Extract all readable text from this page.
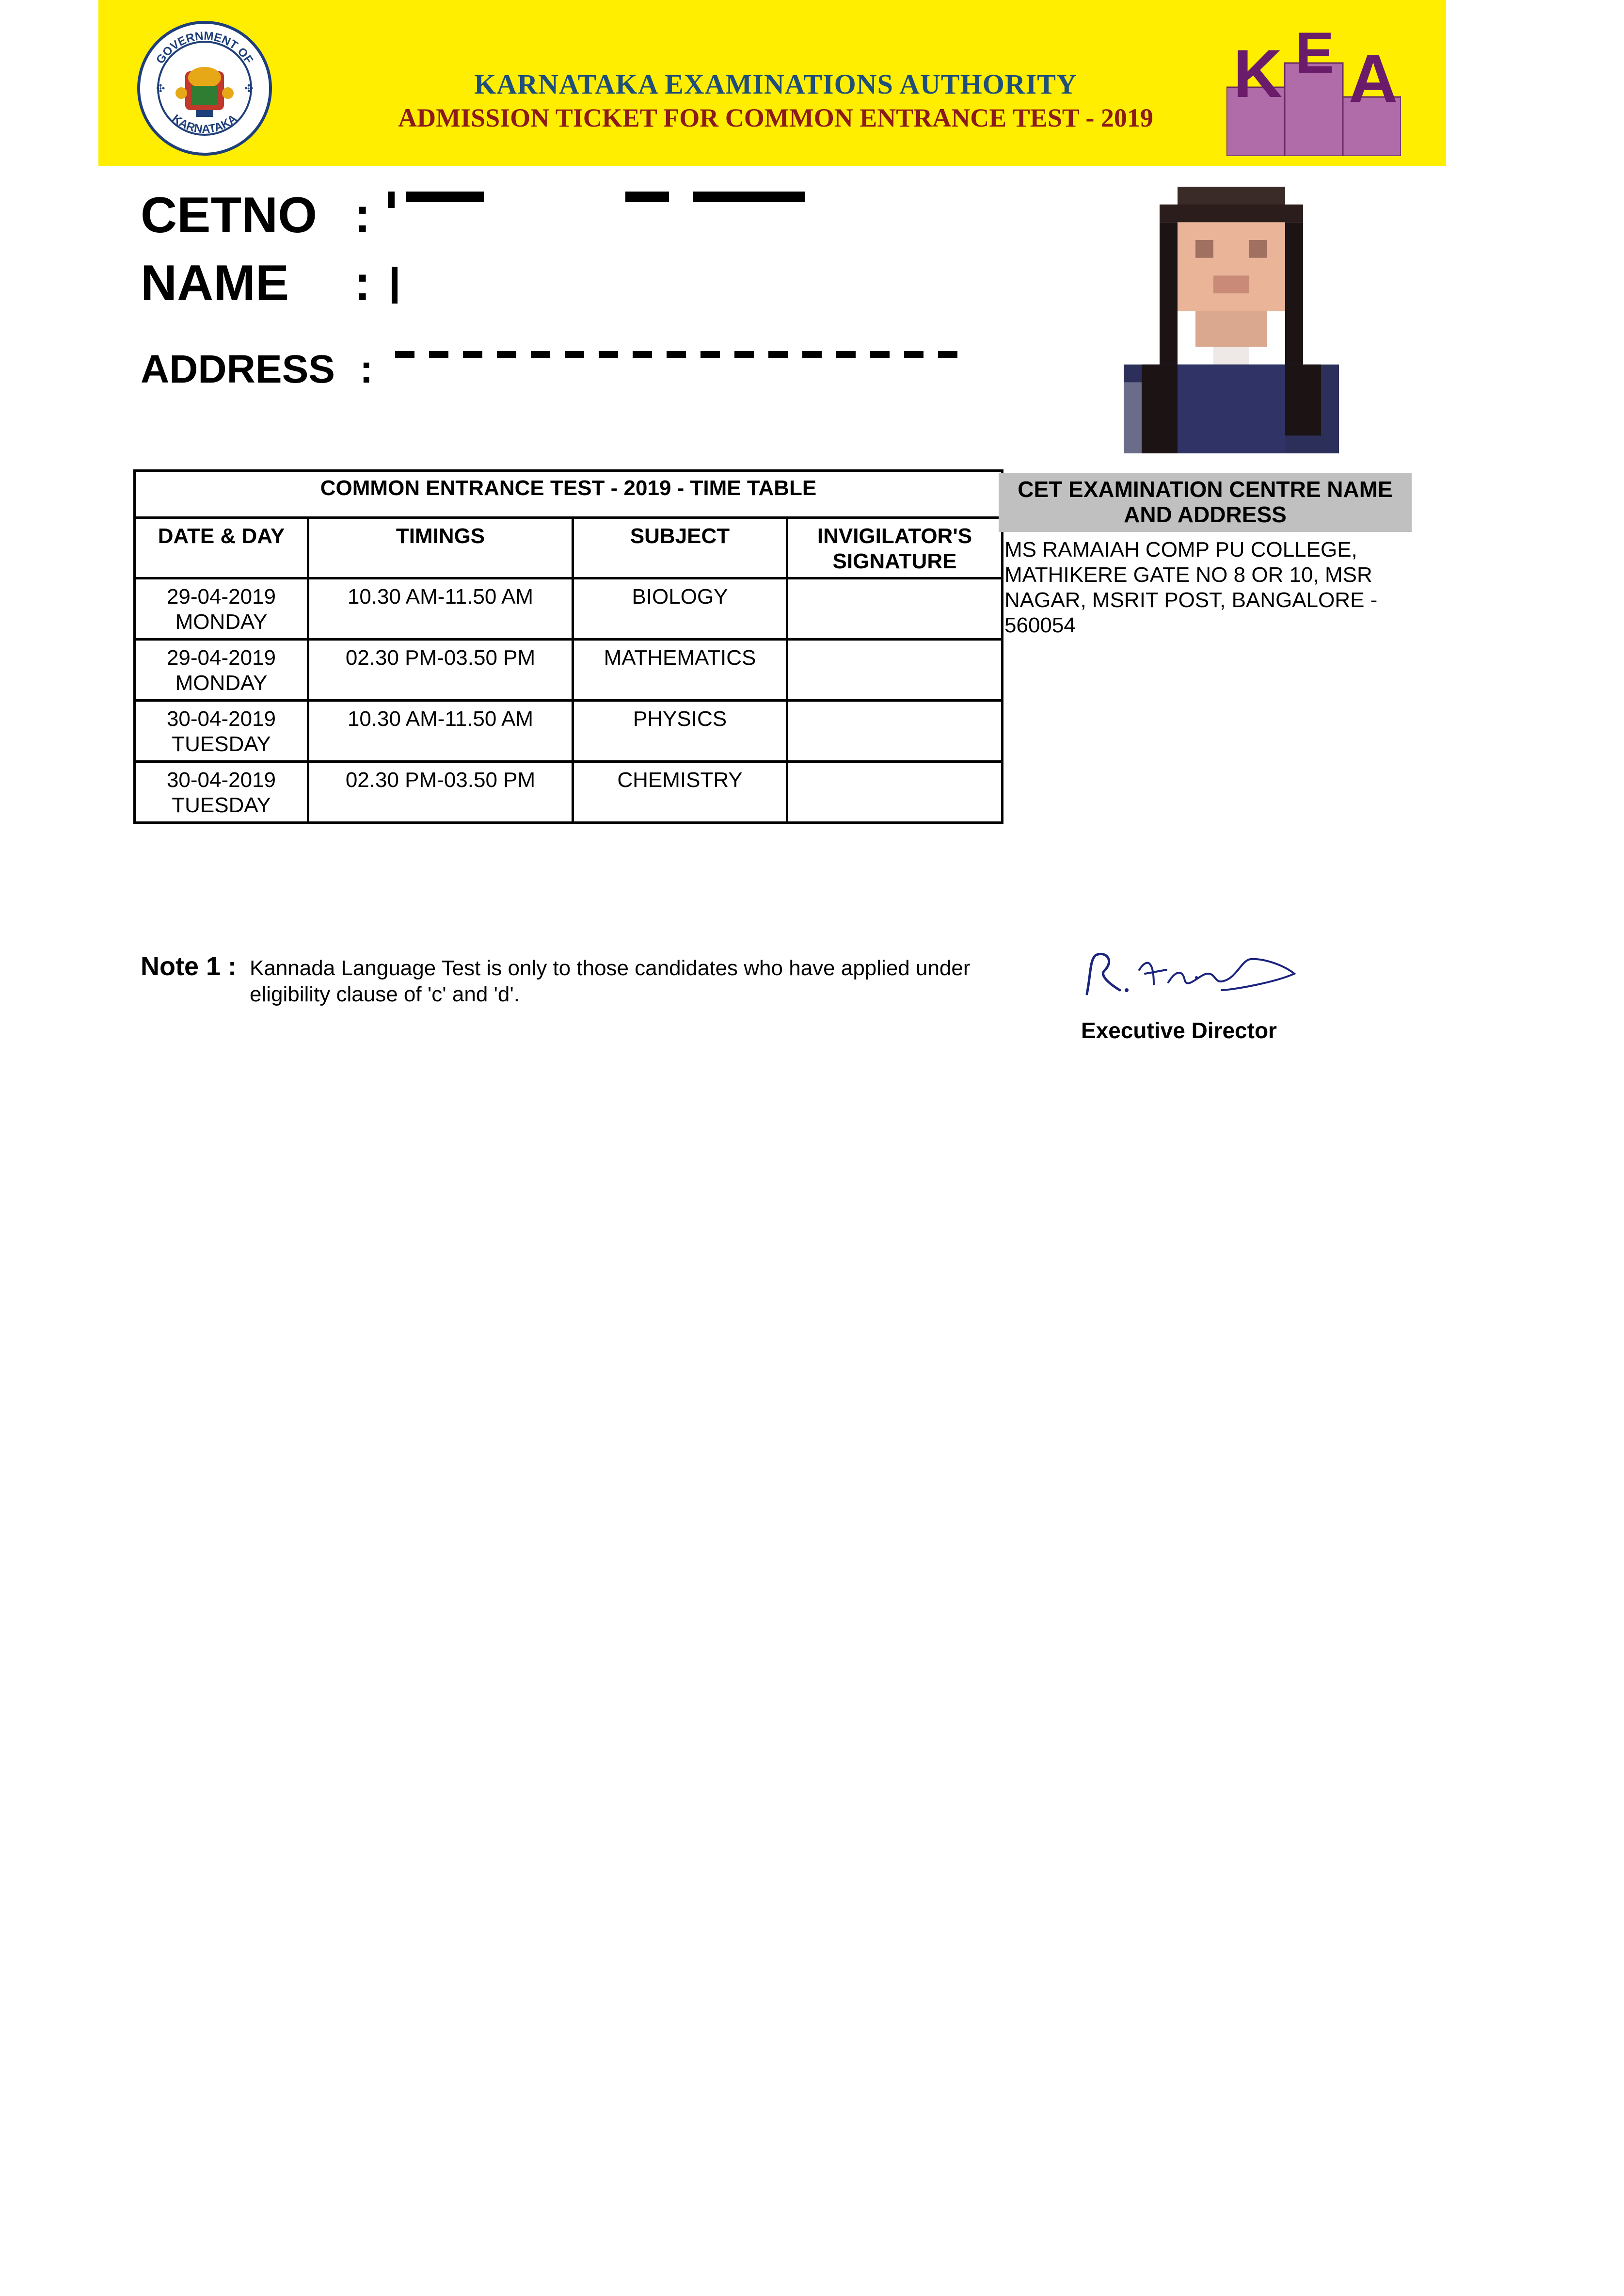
GOVERNMENT OF
KARNATAKA
✣	✣	KARNATAKA EXAMINATIONS AUTHORITY
ADMISSION TICKET FOR COMMON ENTRANCE TEST - 2019
K E A
CETNO :
NAME :
ADDRESS :
COMMON ENTRANCE TEST - 2019 - TIME TABLE			
DATE & DAY	TIMINGS	SUBJECT	INVIGILATOR'S SIGNATURE

29-04-2019
MONDAY	10.30 AM-11.50 AM	BIOLOGY	

29-04-2019
MONDAY	02.30 PM-03.50 PM	MATHEMATICS	

30-04-2019
TUESDAY	10.30 AM-11.50 AM	PHYSICS	

30-04-2019
TUESDAY	02.30 PM-03.50 PM	CHEMISTRY	
CET EXAMINATION CENTRE NAME AND ADDRESS
MS RAMAIAH COMP PU COLLEGE, MATHIKERE GATE NO 8 OR 10, MSR NAGAR, MSRIT POST, BANGALORE - 560054
Note 1 : Kannada Language Test is only to those candidates who have applied under eligibility clause of 'c' and 'd'.
Executive Director
